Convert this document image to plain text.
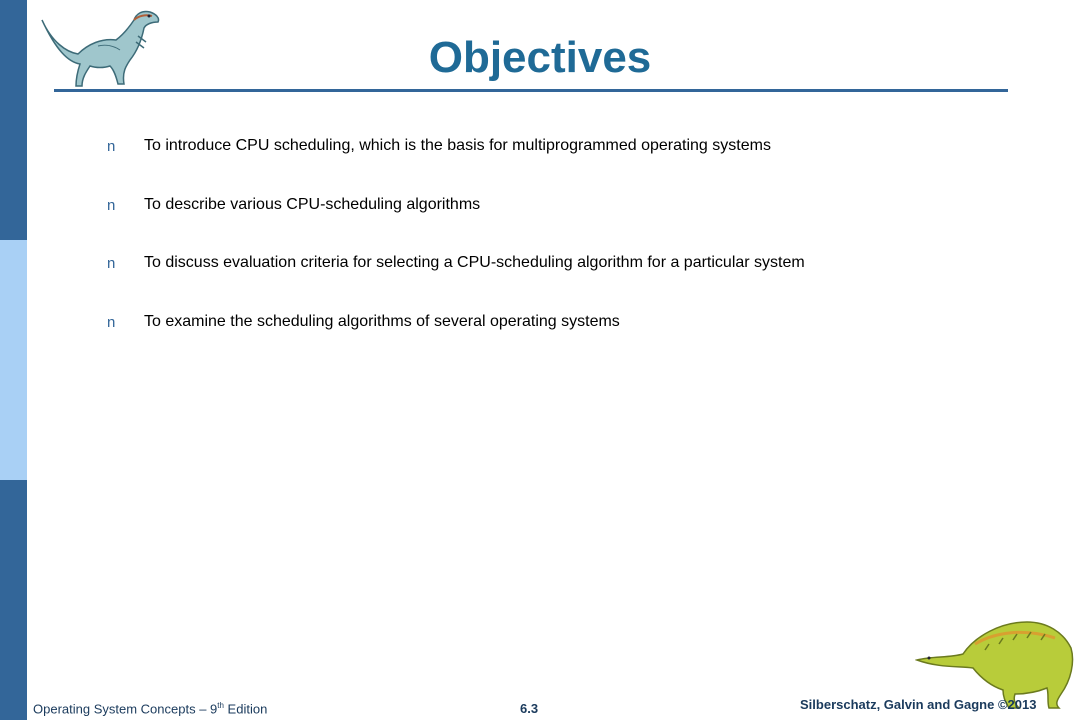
Objectives
n To introduce CPU scheduling, which is the basis for multiprogrammed operating systems
n To describe various CPU-scheduling algorithms
n To discuss evaluation criteria for selecting a CPU-scheduling algorithm for a particular system
n To examine the scheduling algorithms of several operating systems
Operating System Concepts – 9th Edition	6.3	Silberschatz, Galvin and Gagne ©2013
